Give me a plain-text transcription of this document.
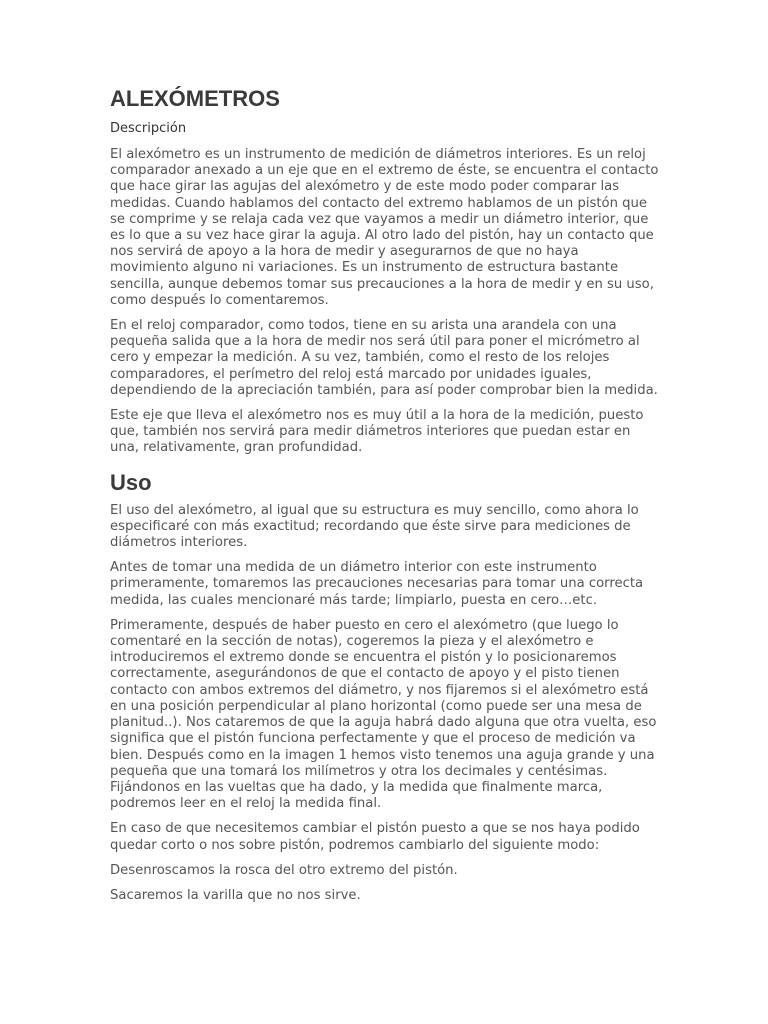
ALEXÓMETROS
Descripción

El alexómetro es un instrumento de medición de diámetros interiores. Es un reloj comparador anexado a un eje que en el extremo de éste, se encuentra el contacto que hace girar las agujas del alexómetro y de este modo poder comparar las medidas. Cuando hablamos del contacto del extremo hablamos de un pistón que se comprime y se relaja cada vez que vayamos a medir un diámetro interior, que es lo que a su vez hace girar la aguja. Al otro lado del pistón, hay un contacto que nos servirá de apoyo a la hora de medir y asegurarnos de que no haya movimiento alguno ni variaciones. Es un instrumento de estructura bastante sencilla, aunque debemos tomar sus precauciones a la hora de medir y en su uso, como después lo comentaremos.

En el reloj comparador, como todos, tiene en su arista una arandela con una pequeña salida que a la hora de medir nos será útil para poner el micrómetro al cero y empezar la medición. A su vez, también, como el resto de los relojes comparadores, el perímetro del reloj está marcado por unidades iguales, dependiendo de la apreciación también, para así poder comprobar bien la medida.

Este eje que lleva el alexómetro nos es muy útil a la hora de la medición, puesto que, también nos servirá para medir diámetros interiores que puedan estar en una, relativamente, gran profundidad.

Uso

El uso del alexómetro, al igual que su estructura es muy sencillo, como ahora lo especificaré con más exactitud; recordando que éste sirve para mediciones de diámetros interiores.

Antes de tomar una medida de un diámetro interior con este instrumento primeramente, tomaremos las precauciones necesarias para tomar una correcta medida, las cuales mencionaré más tarde; limpiarlo, puesta en cero…etc.

Primeramente, después de haber puesto en cero el alexómetro (que luego lo comentaré en la sección de notas), cogeremos la pieza y el alexómetro e introduciremos el extremo donde se encuentra el pistón y lo posicionaremos correctamente, asegurándonos de que el contacto de apoyo y el pisto tienen contacto con ambos extremos del diámetro, y nos fijaremos si el alexómetro está en una posición perpendicular al plano horizontal (como puede ser una mesa de planitud..). Nos cataremos de que la aguja habrá dado alguna que otra vuelta, eso significa que el pistón funciona perfectamente y que el proceso de medición va bien. Después como en la imagen 1 hemos visto tenemos una aguja grande y una pequeña que una tomará los milímetros y otra los decimales y centésimas. Fijándonos en las vueltas que ha dado, y la medida que finalmente marca, podremos leer en el reloj la medida final.

En caso de que necesitemos cambiar el pistón puesto a que se nos haya podido quedar corto o nos sobre pistón, podremos cambiarlo del siguiente modo:

Desenroscamos la rosca del otro extremo del pistón.

Sacaremos la varilla que no nos sirve.
